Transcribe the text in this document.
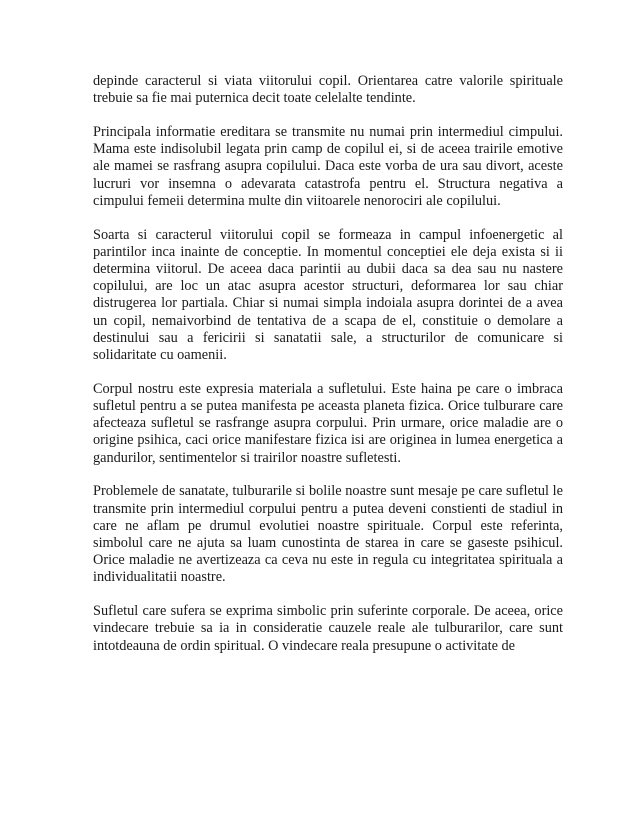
depinde caracterul si viata viitorului copil. Orientarea catre valorile spirituale trebuie sa fie mai puternica decit toate celelalte tendinte.

Principala informatie ereditara se transmite nu numai prin intermediul cimpului. Mama este indisolubil legata prin camp de copilul ei, si de aceea trairile emotive ale mamei se rasfrang asupra copilului. Daca este vorba de ura sau divort, aceste lucruri vor insemna o adevarata catastrofa pentru el. Structura negativa a cimpului femeii determina multe din viitoarele nenorociri ale copilului.

Soarta si caracterul viitorului copil se formeaza in campul infoenergetic al parintilor inca inainte de conceptie. In momentul conceptiei ele deja exista si ii determina viitorul. De aceea daca parintii au dubii daca sa dea sau nu nastere copilului, are loc un atac asupra acestor structuri, deformarea lor sau chiar distrugerea lor partiala. Chiar si numai simpla indoiala asupra dorintei de a avea un copil, nemaivorbind de tentativa de a scapa de el, constituie o demolare a destinului sau a fericirii si sanatatii sale, a structurilor de comunicare si solidaritate cu oamenii.

Corpul nostru este expresia materiala a sufletului. Este haina pe care o imbraca sufletul pentru a se putea manifesta pe aceasta planeta fizica. Orice tulburare care afecteaza sufletul se rasfrange asupra corpului. Prin urmare, orice maladie are o origine psihica, caci orice manifestare fizica isi are originea in lumea energetica a gandurilor, sentimentelor si trairilor noastre sufletesti.

Problemele de sanatate, tulburarile si bolile noastre sunt mesaje pe care sufletul le transmite prin intermediul corpului pentru a putea deveni constienti de stadiul in care ne aflam pe drumul evolutiei noastre spirituale. Corpul este referinta, simbolul care ne ajuta sa luam cunostinta de starea in care se gaseste psihicul. Orice maladie ne avertizeaza ca ceva nu este in regula cu integritatea spirituala a individualitatii noastre.

Sufletul care sufera se exprima simbolic prin suferinte corporale. De aceea, orice vindecare trebuie sa ia in consideratie cauzele reale ale tulburarilor, care sunt intotdeauna de ordin spiritual. O vindecare reala presupune o activitate de
